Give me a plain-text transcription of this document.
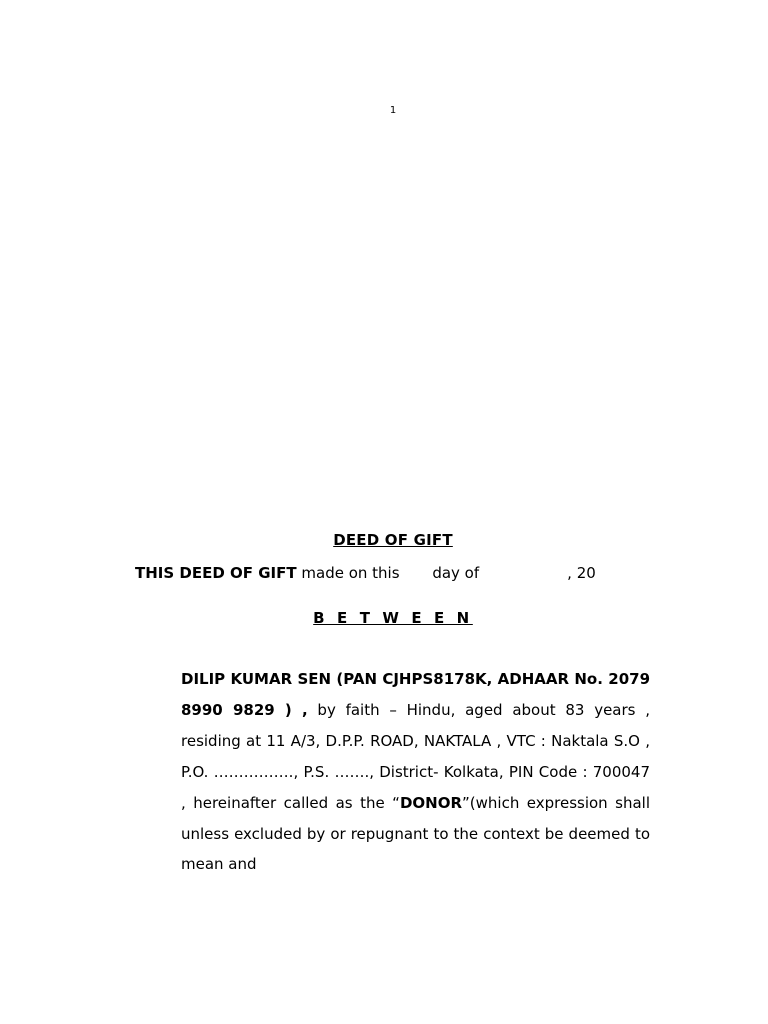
1
DEED OF GIFT
THIS DEED OF GIFT made on this day of	, 20
B E T W E E N
DILIP KUMAR SEN (PAN CJHPS8178K, ADHAAR No. 2079 8990 9829 ) , by faith – Hindu, aged about 83 years , residing at 11 A/3, D.P.P. ROAD, NAKTALA , VTC : Naktala S.O , P.O. ……………., P.S. ……., District- Kolkata, PIN Code : 700047 , hereinafter called as the “DONOR”(which expression shall unless excluded by or repugnant to the context be deemed to mean and
